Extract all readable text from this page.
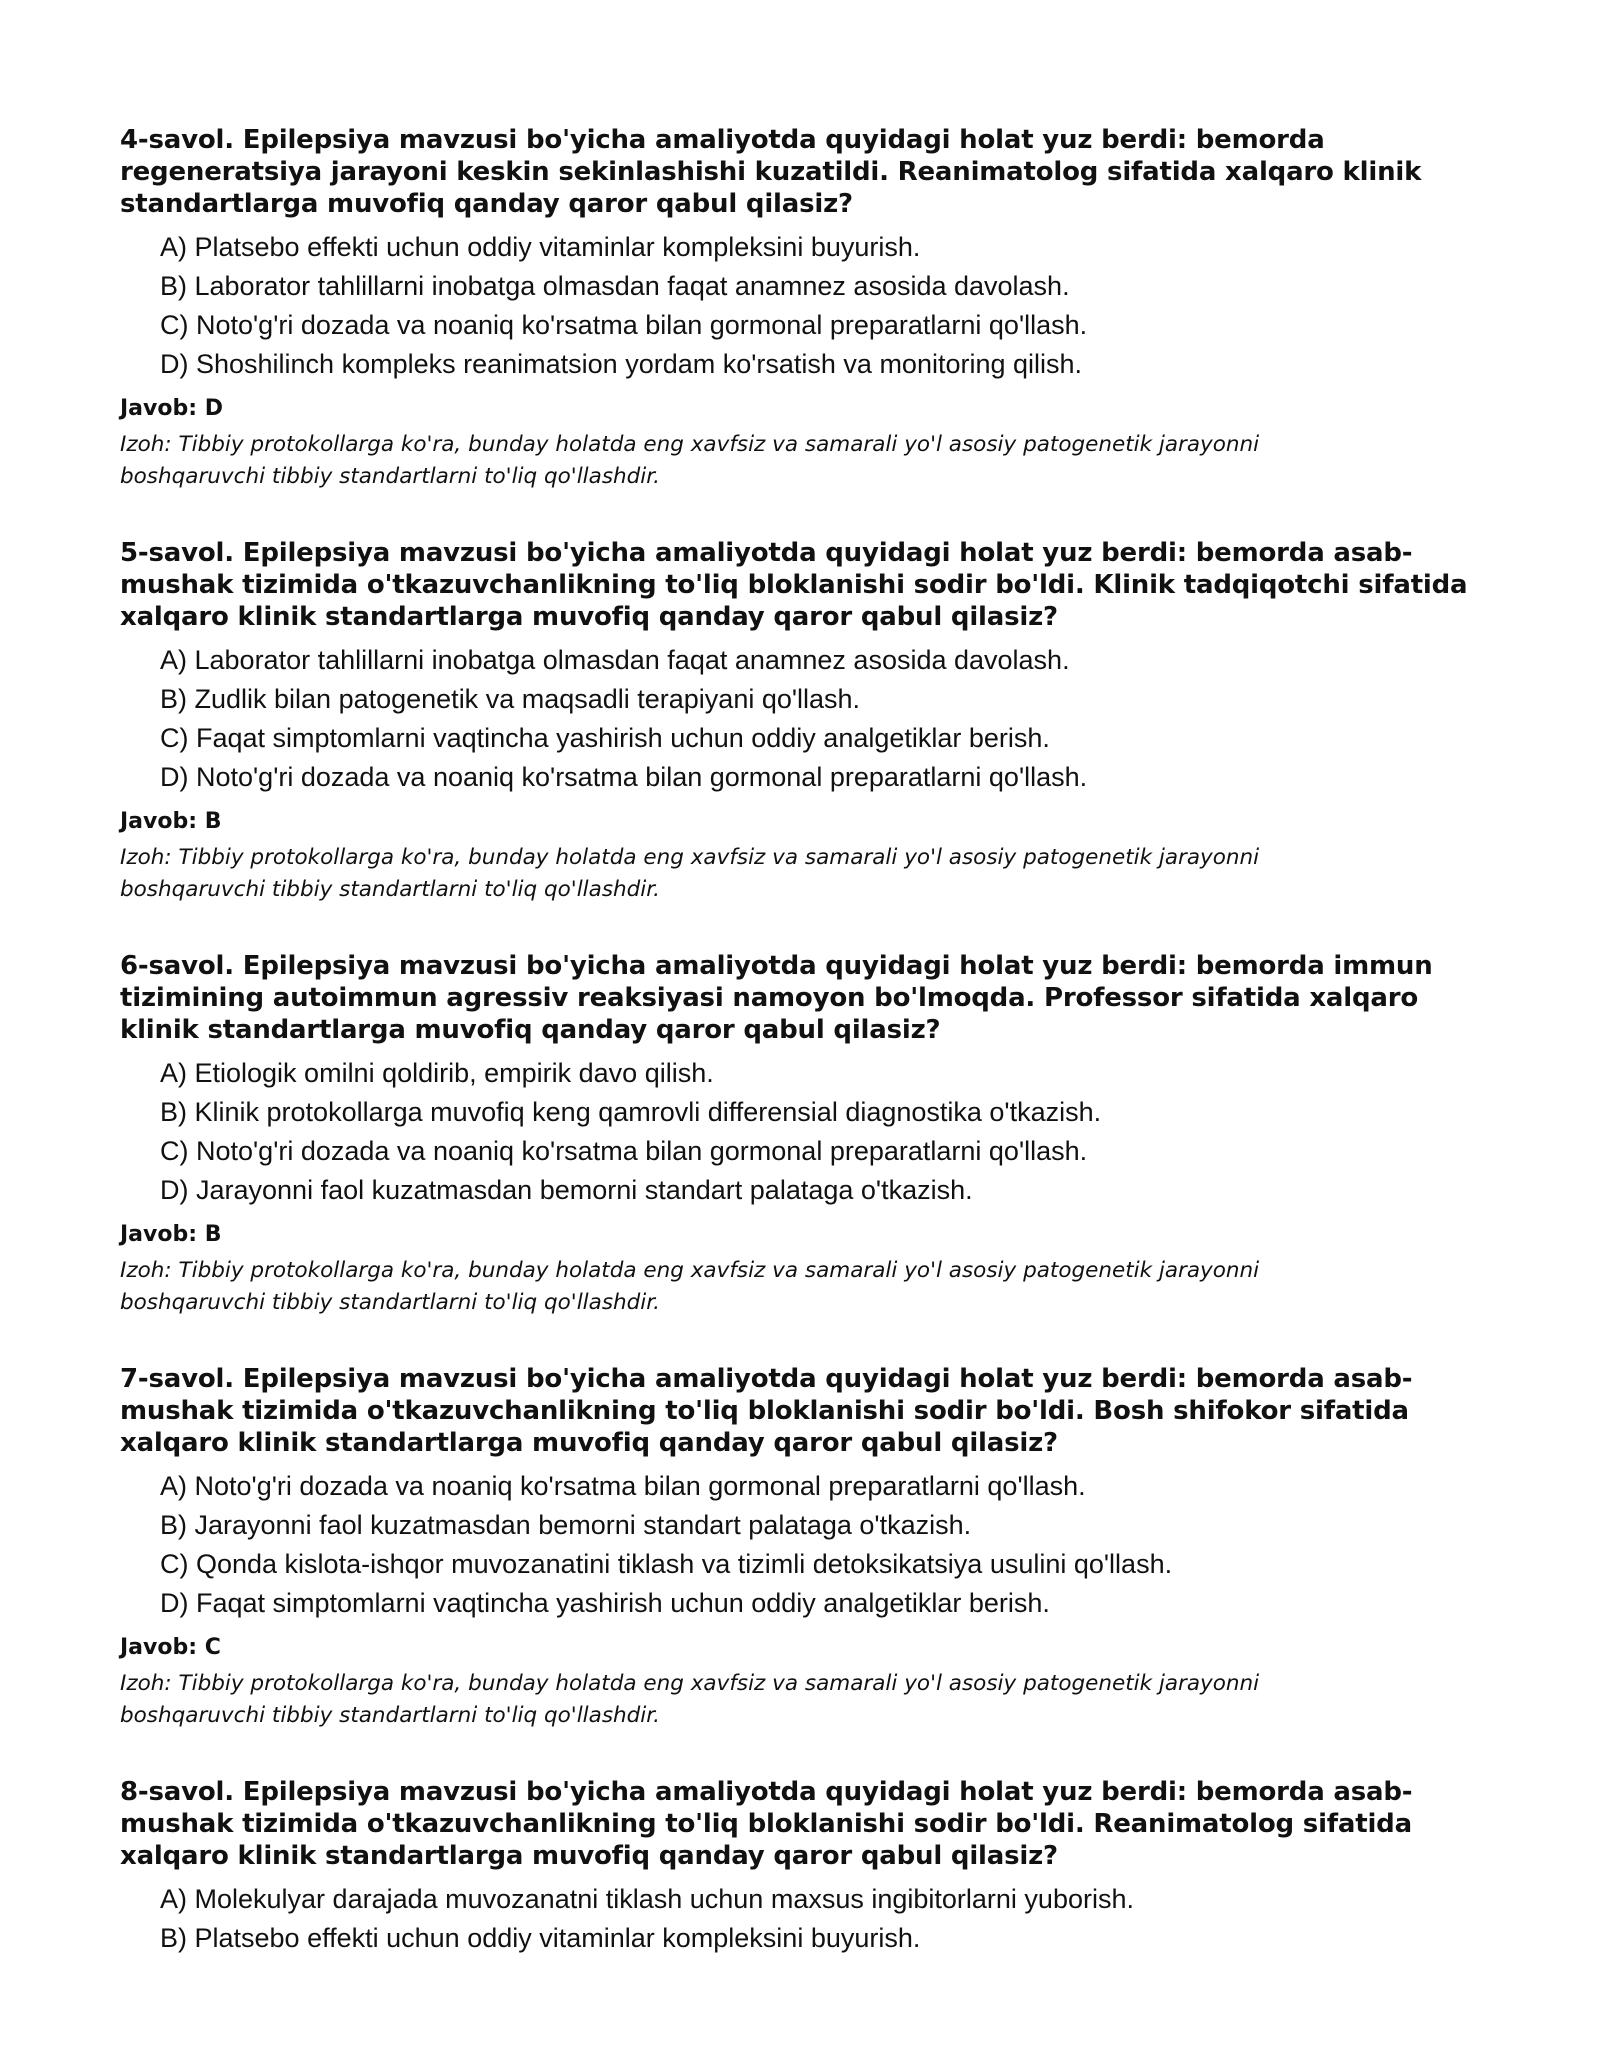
4-savol. Epilepsiya mavzusi bo'yicha amaliyotda quyidagi holat yuz berdi: bemorda regeneratsiya jarayoni keskin sekinlashishi kuzatildi. Reanimatolog sifatida xalqaro klinik standartlarga muvofiq qanday qaror qabul qilasiz?

A) Platsebo effekti uchun oddiy vitaminlar kompleksini buyurish.
B) Laborator tahlillarni inobatga olmasdan faqat anamnez asosida davolash.
C) Noto'g'ri dozada va noaniq ko'rsatma bilan gormonal preparatlarni qo'llash.
D) Shoshilinch kompleks reanimatsion yordam ko'rsatish va monitoring qilish.

Javob: D

Izoh: Tibbiy protokollarga ko'ra, bunday holatda eng xavfsiz va samarali yo'l asosiy patogenetik jarayonni boshqaruvchi tibbiy standartlarni to'liq qo'llashdir.

5-savol. Epilepsiya mavzusi bo'yicha amaliyotda quyidagi holat yuz berdi: bemorda asab-mushak tizimida o'tkazuvchanlikning to'liq bloklanishi sodir bo'ldi. Klinik tadqiqotchi sifatida xalqaro klinik standartlarga muvofiq qanday qaror qabul qilasiz?

A) Laborator tahlillarni inobatga olmasdan faqat anamnez asosida davolash.
B) Zudlik bilan patogenetik va maqsadli terapiyani qo'llash.
C) Faqat simptomlarni vaqtincha yashirish uchun oddiy analgetiklar berish.
D) Noto'g'ri dozada va noaniq ko'rsatma bilan gormonal preparatlarni qo'llash.

Javob: B

Izoh: Tibbiy protokollarga ko'ra, bunday holatda eng xavfsiz va samarali yo'l asosiy patogenetik jarayonni boshqaruvchi tibbiy standartlarni to'liq qo'llashdir.

6-savol. Epilepsiya mavzusi bo'yicha amaliyotda quyidagi holat yuz berdi: bemorda immun tizimining autoimmun agressiv reaksiyasi namoyon bo'lmoqda. Professor sifatida xalqaro klinik standartlarga muvofiq qanday qaror qabul qilasiz?

A) Etiologik omilni qoldirib, empirik davo qilish.
B) Klinik protokollarga muvofiq keng qamrovli differensial diagnostika o'tkazish.
C) Noto'g'ri dozada va noaniq ko'rsatma bilan gormonal preparatlarni qo'llash.
D) Jarayonni faol kuzatmasdan bemorni standart palataga o'tkazish.

Javob: B

Izoh: Tibbiy protokollarga ko'ra, bunday holatda eng xavfsiz va samarali yo'l asosiy patogenetik jarayonni boshqaruvchi tibbiy standartlarni to'liq qo'llashdir.

7-savol. Epilepsiya mavzusi bo'yicha amaliyotda quyidagi holat yuz berdi: bemorda asab-mushak tizimida o'tkazuvchanlikning to'liq bloklanishi sodir bo'ldi. Bosh shifokor sifatida xalqaro klinik standartlarga muvofiq qanday qaror qabul qilasiz?

A) Noto'g'ri dozada va noaniq ko'rsatma bilan gormonal preparatlarni qo'llash.
B) Jarayonni faol kuzatmasdan bemorni standart palataga o'tkazish.
C) Qonda kislota-ishqor muvozanatini tiklash va tizimli detoksikatsiya usulini qo'llash.
D) Faqat simptomlarni vaqtincha yashirish uchun oddiy analgetiklar berish.

Javob: C

Izoh: Tibbiy protokollarga ko'ra, bunday holatda eng xavfsiz va samarali yo'l asosiy patogenetik jarayonni boshqaruvchi tibbiy standartlarni to'liq qo'llashdir.

8-savol. Epilepsiya mavzusi bo'yicha amaliyotda quyidagi holat yuz berdi: bemorda asab-mushak tizimida o'tkazuvchanlikning to'liq bloklanishi sodir bo'ldi. Reanimatolog sifatida xalqaro klinik standartlarga muvofiq qanday qaror qabul qilasiz?

A) Molekulyar darajada muvozanatni tiklash uchun maxsus ingibitorlarni yuborish.
B) Platsebo effekti uchun oddiy vitaminlar kompleksini buyurish.
